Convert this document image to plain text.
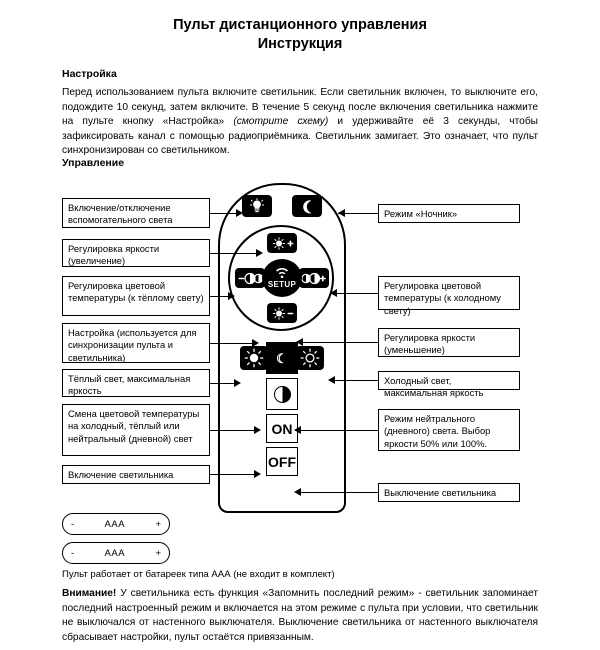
Пульт дистанционного управления
Инструкция
Настройка
Перед использованием пульта включите светильник. Если светильник включен, то выключите его, подождите 10 секунд, затем включите. В течение 5 секунд после включения светильника нажмите на пульте кнопку «Настройка» (смотрите схему) и удерживайте её 3 секунды, чтобы зафиксировать канал с помощью радиоприёмника. Светильник замигает. Это означает, что пульт синхронизирован со светильником.
Управление
SETUP
☾
ON
OFF
Включение/отключение вспомогательного света
Регулировка яркости (увеличение)
Регулировка цветовой температуры (к тёплому свету)
Настройка (используется для синхронизации пульта и светильника)
Тёплый свет, максимальная яркость
Смена цветовой температуры на холодный, тёплый или нейтральный (дневной) свет
Включение светильника
Режим «Ночник»
Регулировка цветовой температуры (к холодному свету)
Регулировка яркости (уменьшение)
Холодный свет, максимальная яркость
Режим нейтрального (дневного) света. Выбор яркости 50% или 100%.
Выключение светильника
-	AAA	+
-	AAA	+
Пульт работает от батареек типа ААА (не входит в комплект)
Внимание! У светильника есть функция «Запомнить последний режим» - светильник запоминает последний настроенный режим и включается на этом режиме с пульта при условии, что светильник не выключался от настенного выключателя. Выключение светильника от настенного выключателя сбрасывает настройки, пульт остаётся привязанным.
